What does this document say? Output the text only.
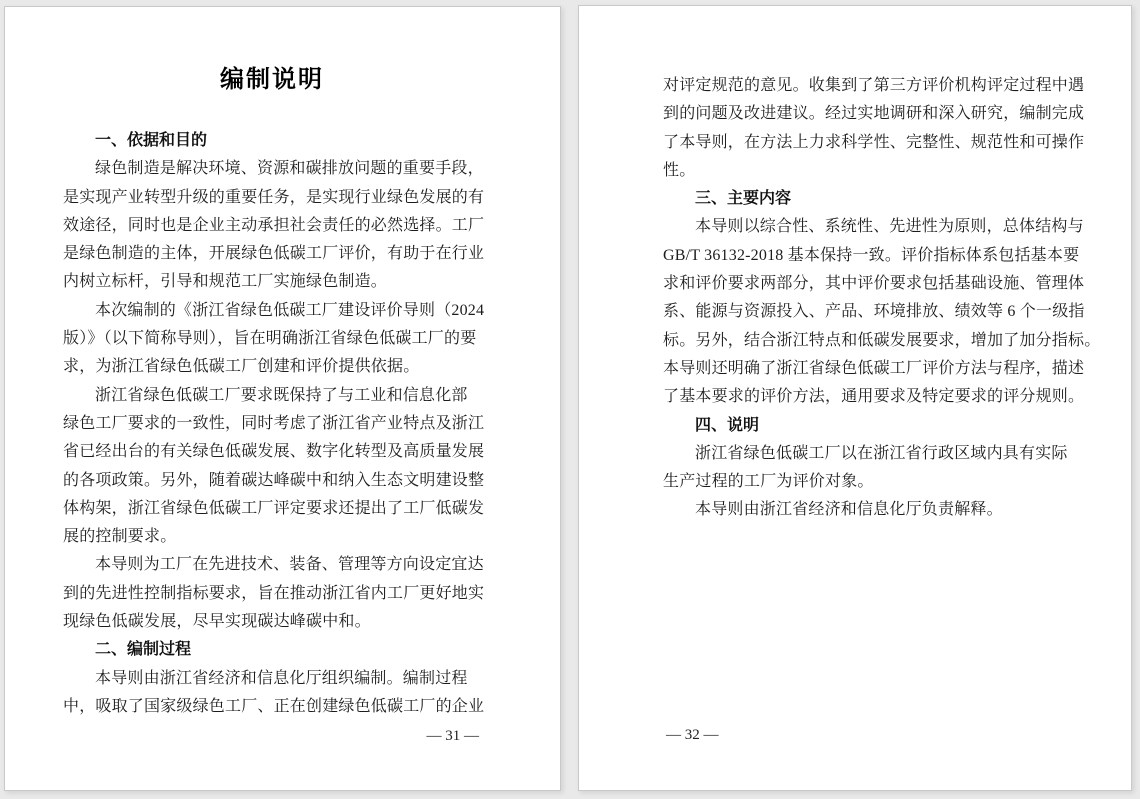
编制说明
一、依据和目的
绿色制造是解决环境、资源和碳排放问题的重要手段，
是实现产业转型升级的重要任务，是实现行业绿色发展的有
效途径，同时也是企业主动承担社会责任的必然选择。工厂
是绿色制造的主体，开展绿色低碳工厂评价，有助于在行业
内树立标杆，引导和规范工厂实施绿色制造。
本次编制的《浙江省绿色低碳工厂建设评价导则（2024
版）》（以下简称导则），旨在明确浙江省绿色低碳工厂的要
求，为浙江省绿色低碳工厂创建和评价提供依据。
浙江省绿色低碳工厂要求既保持了与工业和信息化部
绿色工厂要求的一致性，同时考虑了浙江省产业特点及浙江
省已经出台的有关绿色低碳发展、数字化转型及高质量发展
的各项政策。另外，随着碳达峰碳中和纳入生态文明建设整
体构架，浙江省绿色低碳工厂评定要求还提出了工厂低碳发
展的控制要求。
本导则为工厂在先进技术、装备、管理等方向设定宜达
到的先进性控制指标要求，旨在推动浙江省内工厂更好地实
现绿色低碳发展，尽早实现碳达峰碳中和。
二、编制过程
本导则由浙江省经济和信息化厅组织编制。编制过程
中，吸取了国家级绿色工厂、正在创建绿色低碳工厂的企业
— 31 —
对评定规范的意见。收集到了第三方评价机构评定过程中遇
到的问题及改进建议。经过实地调研和深入研究，编制完成
了本导则，在方法上力求科学性、完整性、规范性和可操作
性。
三、主要内容
本导则以综合性、系统性、先进性为原则，总体结构与
GB/T 36132-2018 基本保持一致。评价指标体系包括基本要
求和评价要求两部分，其中评价要求包括基础设施、管理体
系、能源与资源投入、产品、环境排放、绩效等 6 个一级指
标。另外，结合浙江特点和低碳发展要求，增加了加分指标。
本导则还明确了浙江省绿色低碳工厂评价方法与程序，描述
了基本要求的评价方法，通用要求及特定要求的评分规则。
四、说明
浙江省绿色低碳工厂以在浙江省行政区域内具有实际
生产过程的工厂为评价对象。
本导则由浙江省经济和信息化厅负责解释。
— 32 —
